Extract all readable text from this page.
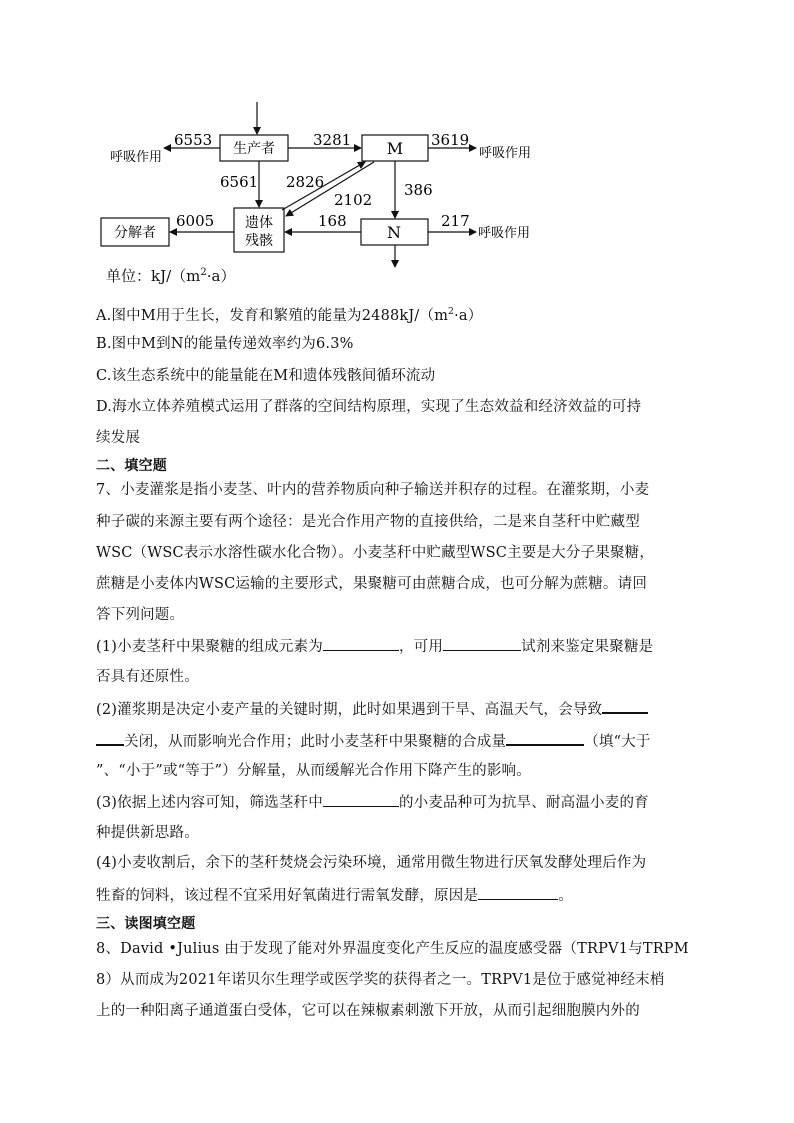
生产者	M
遗体
残骸	N
分解者
呼吸作用	呼吸作用
呼吸作用
6553	3281	3619
6561 2826
2102
386
6005	168	217
单位：$kJ/(m^2\cdot a)$
A.图中M用于生长，发育和繁殖的能量为$2488kJ/(m^2\cdot a)$
B.图中M到N的能量传递效率约为6.3%
C.该生态系统中的能量能在M和遗体残骸间循环流动
D.海水立体养殖模式运用了群落的空间结构原理，实现了生态效益和经济效益的可持
续发展
二、填空题
7、小麦灌浆是指小麦茎、叶内的营养物质向种子输送并积存的过程。在灌浆期，小麦
种子碳的来源主要有两个途径：是光合作用产物的直接供给，二是来自茎秆中贮藏型
WSC（WSC表示水溶性碳水化合物）。小麦茎秆中贮藏型WSC主要是大分子果聚糖，
蔗糖是小麦体内WSC运输的主要形式，果聚糖可由蔗糖合成，也可分解为蔗糖。请回
答下列问题。
(1)小麦茎秆中果聚糖的组成元素为	，可用	试剂来鉴定果聚糖是
否具有还原性。
(2)灌浆期是决定小麦产量的关键时期，此时如果遇到干旱、高温天气，会导致
关闭，从而影响光合作用；此时小麦茎秆中果聚糖的合成量	（填“大于
”、“小于”或“等于”）分解量，从而缓解光合作用下降产生的影响。
(3)依据上述内容可知，筛选茎秆中	的小麦品种可为抗旱、耐高温小麦的育
种提供新思路。
(4)小麦收割后，余下的茎秆焚烧会污染环境，通常用微生物进行厌氧发酵处理后作为
牲畜的饲料，该过程不宜采用好氧菌进行需氧发酵，原因是	。
三、读图填空题
8、David •Julius 由于发现了能对外界温度变化产生反应的温度感受器（TRPV1与TRPM
8）从而成为2021年诺贝尔生理学或医学奖的获得者之一。TRPV1是位于感觉神经末梢
上的一种阳离子通道蛋白受体，它可以在辣椒素刺激下开放，从而引起细胞膜内外的
